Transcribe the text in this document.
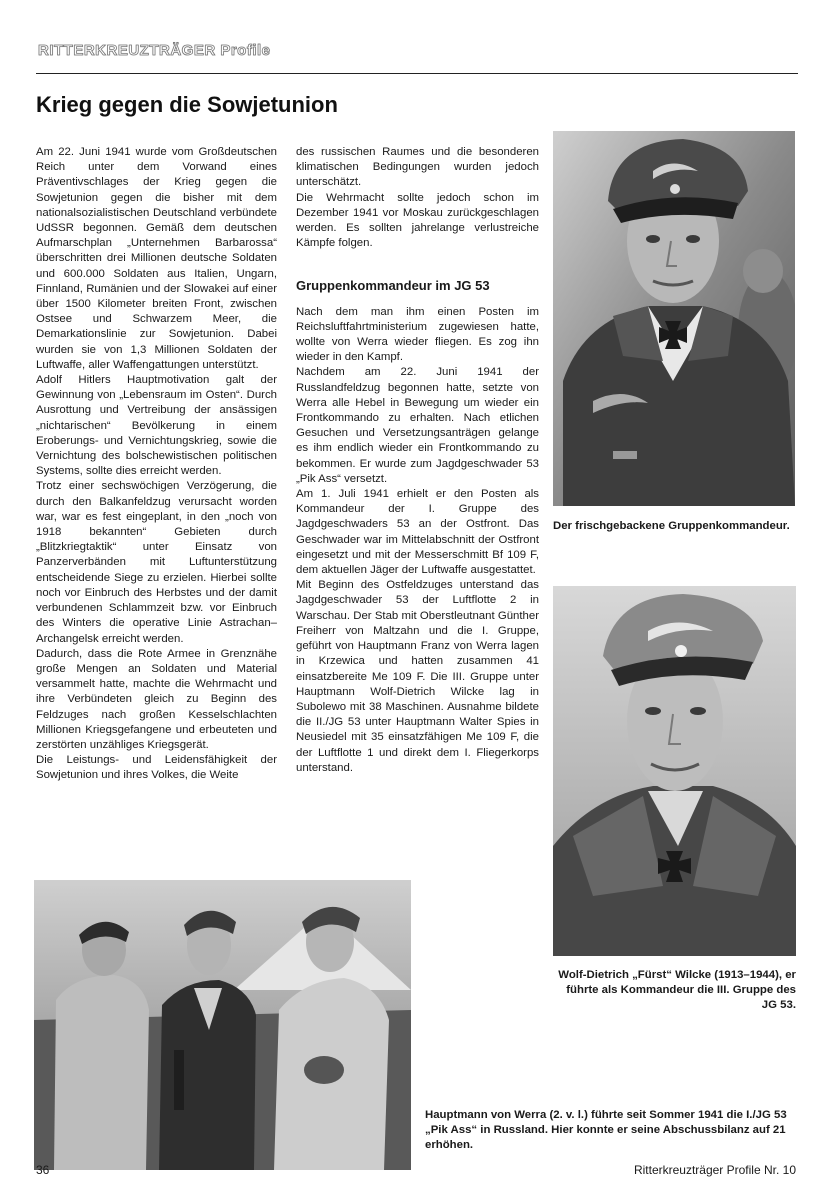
RITTERKREUZTRÄGER Profile
Krieg gegen die Sowjetunion

Am 22. Juni 1941 wurde vom Großdeutschen Reich unter dem Vorwand eines Präventivschlages der Krieg gegen die Sowjetunion gegen die bisher mit dem nationalsozialistischen Deutschland verbündete UdSSR begonnen. Gemäß dem deutschen Aufmarschplan „Unternehmen Barbarossa“ überschritten drei Millionen deutsche Soldaten und 600.000 Soldaten aus Italien, Ungarn, Finnland, Rumänien und der Slowakei auf einer über 1500 Kilometer breiten Front, zwischen Ostsee und Schwarzem Meer, die Demarkationslinie zur Sowjetunion. Dabei wurden sie von 1,3 Millionen Soldaten der Luftwaffe, aller Waffengattungen unterstützt.

Adolf Hitlers Hauptmotivation galt der Gewinnung von „Lebensraum im Osten“. Durch Ausrottung und Vertreibung der ansässigen „nichtarischen“ Bevölkerung in einem Eroberungs- und Vernichtungskrieg, sowie die Vernichtung des bolschewistischen politischen Systems, sollte dies erreicht werden.

Trotz einer sechswöchigen Verzögerung, die durch den Balkanfeldzug verursacht worden war, war es fest eingeplant, in den „noch von 1918 bekannten“ Gebieten durch „Blitzkriegtaktik“ unter Einsatz von Panzerverbänden mit Luftunterstützung entscheidende Siege zu erzielen. Hierbei sollte noch vor Einbruch des Herbstes und der damit verbundenen Schlammzeit bzw. vor Einbruch des Winters die operative Linie Astrachan–Archangelsk erreicht werden.

Dadurch, dass die Rote Armee in Grenznähe große Mengen an Soldaten und Material versammelt hatte, machte die Wehrmacht und ihre Verbündeten gleich zu Beginn des Feldzuges nach großen Kesselschlachten Millionen Kriegsgefangene und erbeuteten und zerstörten unzähliges Kriegsgerät.

Die Leistungs- und Leidensfähigkeit der Sowjetunion und ihres Volkes, die Weite

des russischen Raumes und die besonderen klimatischen Bedingungen wurden jedoch unterschätzt.

Die Wehrmacht sollte jedoch schon im Dezember 1941 vor Moskau zurückgeschlagen werden. Es sollten jahrelange verlustreiche Kämpfe folgen.

Gruppenkommandeur im JG 53

Nach dem man ihm einen Posten im Reichsluftfahrtministerium zugewiesen hatte, wollte von Werra wieder fliegen. Es zog ihn wieder in den Kampf.

Nachdem am 22. Juni 1941 der Russlandfeldzug begonnen hatte, setzte von Werra alle Hebel in Bewegung um wieder ein Frontkommando zu erhalten. Nach etlichen Gesuchen und Versetzungsanträgen gelange es ihm endlich wieder ein Frontkommando zu bekommen. Er wurde zum Jagdgeschwader 53 „Pik Ass“ versetzt.

Am 1. Juli 1941 erhielt er den Posten als Kommandeur der I. Gruppe des Jagdgeschwaders 53 an der Ostfront. Das Geschwader war im Mittelabschnitt der Ostfront eingesetzt und mit der Messerschmitt Bf 109 F, dem aktuellen Jäger der Luftwaffe ausgestattet.

Mit Beginn des Ostfeldzuges unterstand das Jagdgeschwader 53 der Luftflotte 2 in Warschau. Der Stab mit Oberstleutnant Günther Freiherr von Maltzahn und die I. Gruppe, geführt von Hauptmann Franz von Werra lagen in Krzewica und hatten zusammen 41 einsatzbereite Me 109 F. Die III. Gruppe unter Hauptmann Wolf-Dietrich Wilcke lag in Subolewo mit 38 Maschinen. Ausnahme bildete die II./JG 53 unter Hauptmann Walter Spies in Neusiedel mit 35 einsatzfähigen Me 109 F, die der Luftflotte 1 und direkt dem I. Fliegerkorps unterstand.

Der frischgebackene Gruppenkommandeur.
Wolf-Dietrich „Fürst“ Wilcke (1913–1944), er führte als Kommandeur die III. Gruppe des JG 53.
Hauptmann von Werra (2. v. l.) führte seit Sommer 1941 die I./JG 53 „Pik Ass“ in Russland. Hier konnte er seine Abschussbilanz auf 21 erhöhen.
36	Ritterkreuzträger Profile Nr. 10
